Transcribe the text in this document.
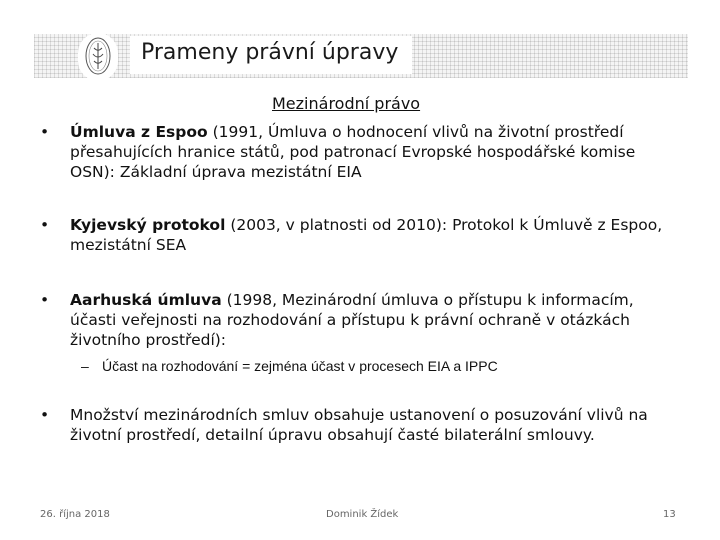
Prameny právní úpravy
Mezinárodní právo
• Úmluva z Espoo (1991, Úmluva o hodnocení vlivů na životní prostředí přesahujících hranice států, pod patronací Evropské hospodářské komise OSN): Základní úprava mezistátní EIA
• Kyjevský protokol (2003, v platnosti od 2010): Protokol k Úmluvě z Espoo, mezistátní SEA
• Aarhuská úmluva (1998, Mezinárodní úmluva o přístupu k informacím, účasti veřejnosti na rozhodování a přístupu k právní ochraně v otázkách životního prostředí):
– Účast na rozhodování = zejména účast v procesech EIA a IPPC
• Množství mezinárodních smluv obsahuje ustanovení o posuzování vlivů na životní prostředí, detailní úpravu obsahují časté bilaterální smlouvy.
26. října 2018	Dominik Žídek	13
